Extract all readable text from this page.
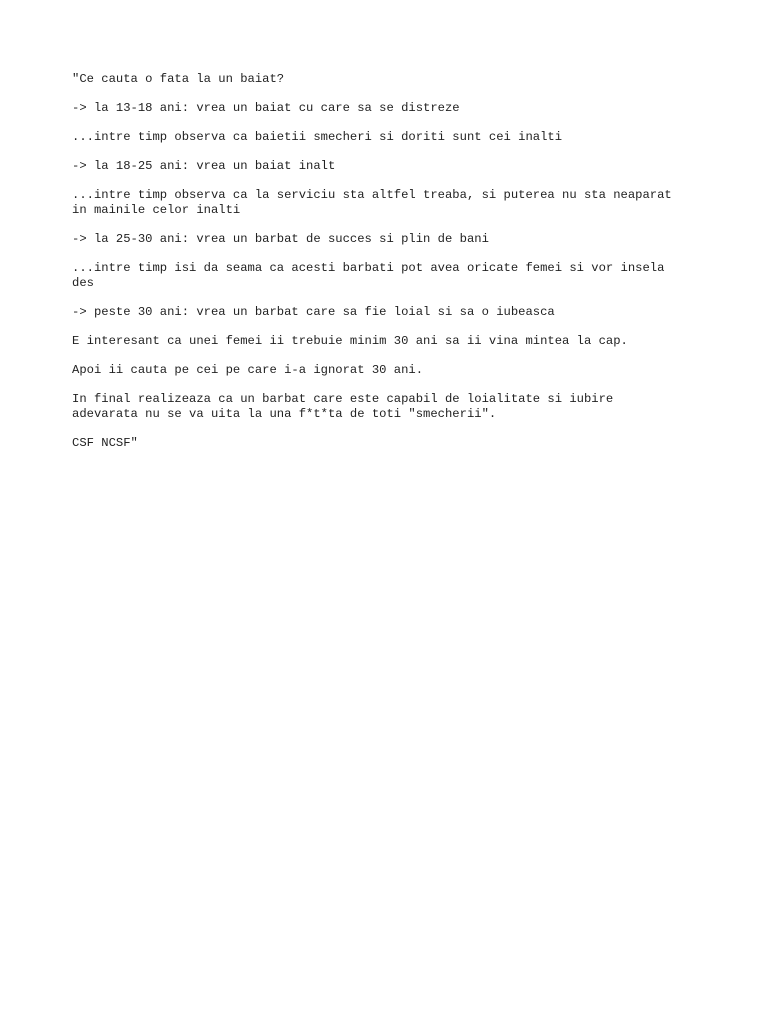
"Ce cauta o fata la un baiat?

-> la 13-18 ani: vrea un baiat cu care sa se distreze

...intre timp observa ca baietii smecheri si doriti sunt cei inalti

-> la 18-25 ani: vrea un baiat inalt

...intre timp observa ca la serviciu sta altfel treaba, si puterea nu sta neaparat
in mainile celor inalti

-> la 25-30 ani: vrea un barbat de succes si plin de bani

...intre timp isi da seama ca acesti barbati pot avea oricate femei si vor insela
des

-> peste 30 ani: vrea un barbat care sa fie loial si sa o iubeasca

E interesant ca unei femei ii trebuie minim 30 ani sa ii vina mintea la cap.

Apoi ii cauta pe cei pe care i-a ignorat 30 ani.

In final realizeaza ca un barbat care este capabil de loialitate si iubire
adevarata nu se va uita la una f*t*ta de toti "smecherii".

CSF NCSF"
